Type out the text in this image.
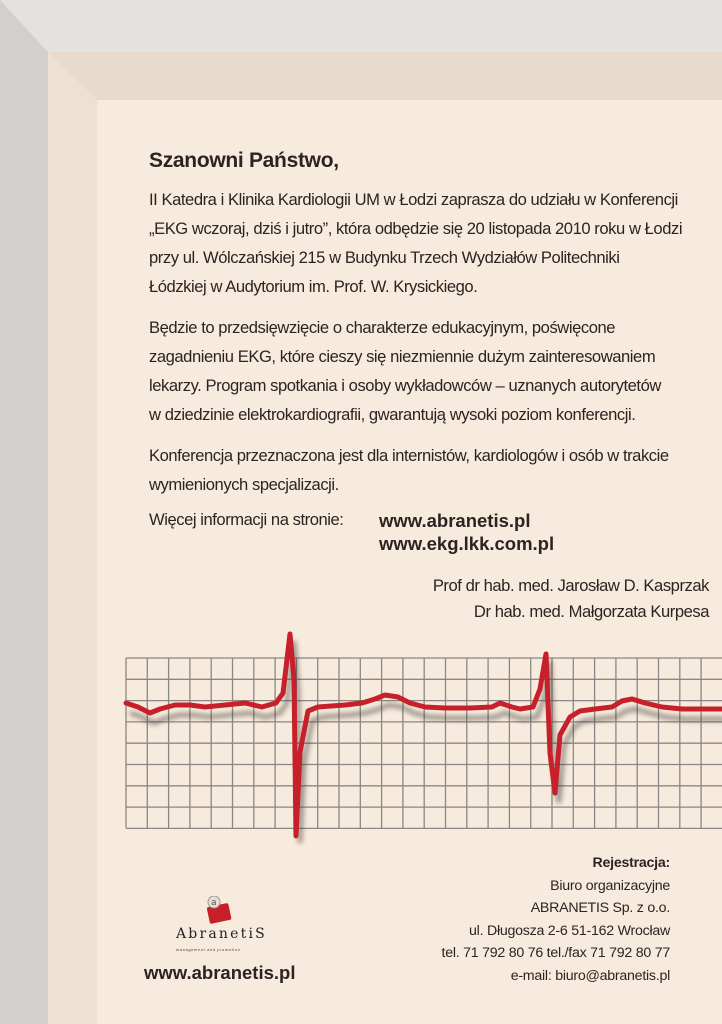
Szanowni Państwo,

II Katedra i Klinika Kardiologii UM w Łodzi zaprasza do udziału w Konferencji
„EKG wczoraj, dziś i jutro”, która odbędzie się 20 listopada 2010 roku w Łodzi
przy ul. Wólczańskiej 215 w Budynku Trzech Wydziałów Politechniki
Łódzkiej w Audytorium im. Prof. W. Krysickiego.

Będzie to przedsięwzięcie o charakterze edukacyjnym, poświęcone
zagadnieniu EKG, które cieszy się niezmiennie dużym zainteresowaniem
lekarzy. Program spotkania i osoby wykładowców – uznanych autorytetów
w dziedzinie elektrokardiografii, gwarantują wysoki poziom konferencji.

Konferencja przeznaczona jest dla internistów, kardiologów i osób w trakcie
wymienionych specjalizacji.

Więcej informacji na stronie: www.abranetis.pl
www.ekg.lkk.com.pl
Prof dr hab. med. Jarosław D. Kasprzak
Dr hab. med. Małgorzata Kurpesa
Rejestracja:
Biuro organizacyjne
ABRANETIS Sp. z o.o.
ul. Długosza 2-6 51-162 Wrocław
tel. 71 792 80 76 tel./fax 71 792 80 77
e-mail: biuro@abranetis.pl
a
AbranetiS
management and promotion
www.abranetis.pl
